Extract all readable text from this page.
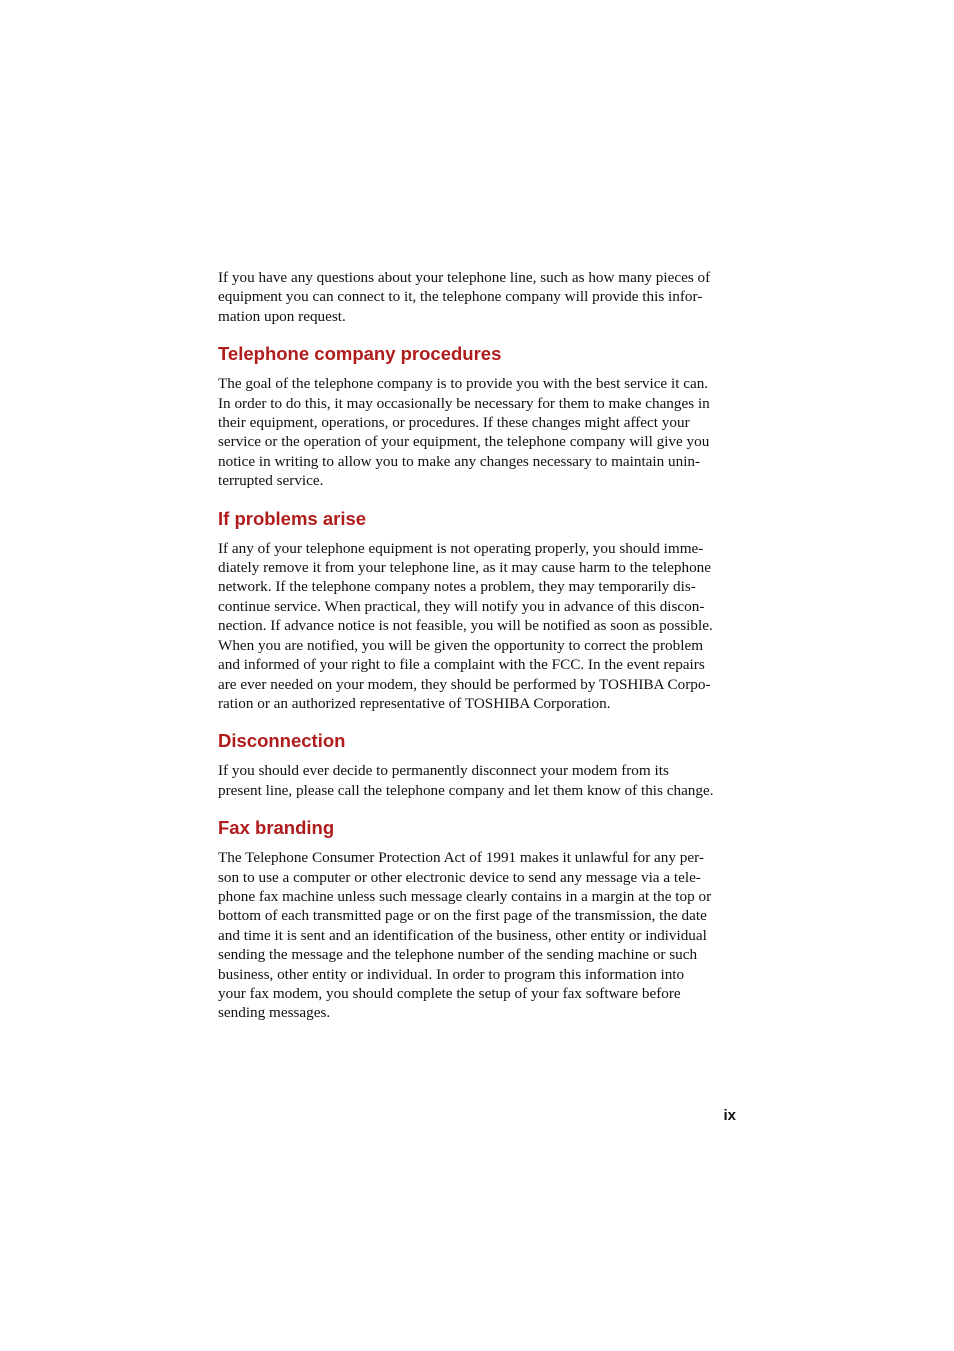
If you have any questions about your telephone line, such as how many pieces of
equipment you can connect to it, the telephone company will provide this infor-
mation upon request.

Telephone company procedures

The goal of the telephone company is to provide you with the best service it can.
In order to do this, it may occasionally be necessary for them to make changes in
their equipment, operations, or procedures. If these changes might affect your
service or the operation of your equipment, the telephone company will give you
notice in writing to allow you to make any changes necessary to maintain unin-
terrupted service.

If problems arise

If any of your telephone equipment is not operating properly, you should imme-
diately remove it from your telephone line, as it may cause harm to the telephone
network. If the telephone company notes a problem, they may temporarily dis-
continue service. When practical, they will notify you in advance of this discon-
nection. If advance notice is not feasible, you will be notified as soon as possible.
When you are notified, you will be given the opportunity to correct the problem
and informed of your right to file a complaint with the FCC. In the event repairs
are ever needed on your modem, they should be performed by TOSHIBA Corpo-
ration or an authorized representative of TOSHIBA Corporation.

Disconnection

If you should ever decide to permanently disconnect your modem from its
present line, please call the telephone company and let them know of this change.

Fax branding

The Telephone Consumer Protection Act of 1991 makes it unlawful for any per-
son to use a computer or other electronic device to send any message via a tele-
phone fax machine unless such message clearly contains in a margin at the top or
bottom of each transmitted page or on the first page of the transmission, the date
and time it is sent and an identification of the business, other entity or individual
sending the message and the telephone number of the sending machine or such
business, other entity or individual. In order to program this information into
your fax modem, you should complete the setup of your fax software before
sending messages.

ix
